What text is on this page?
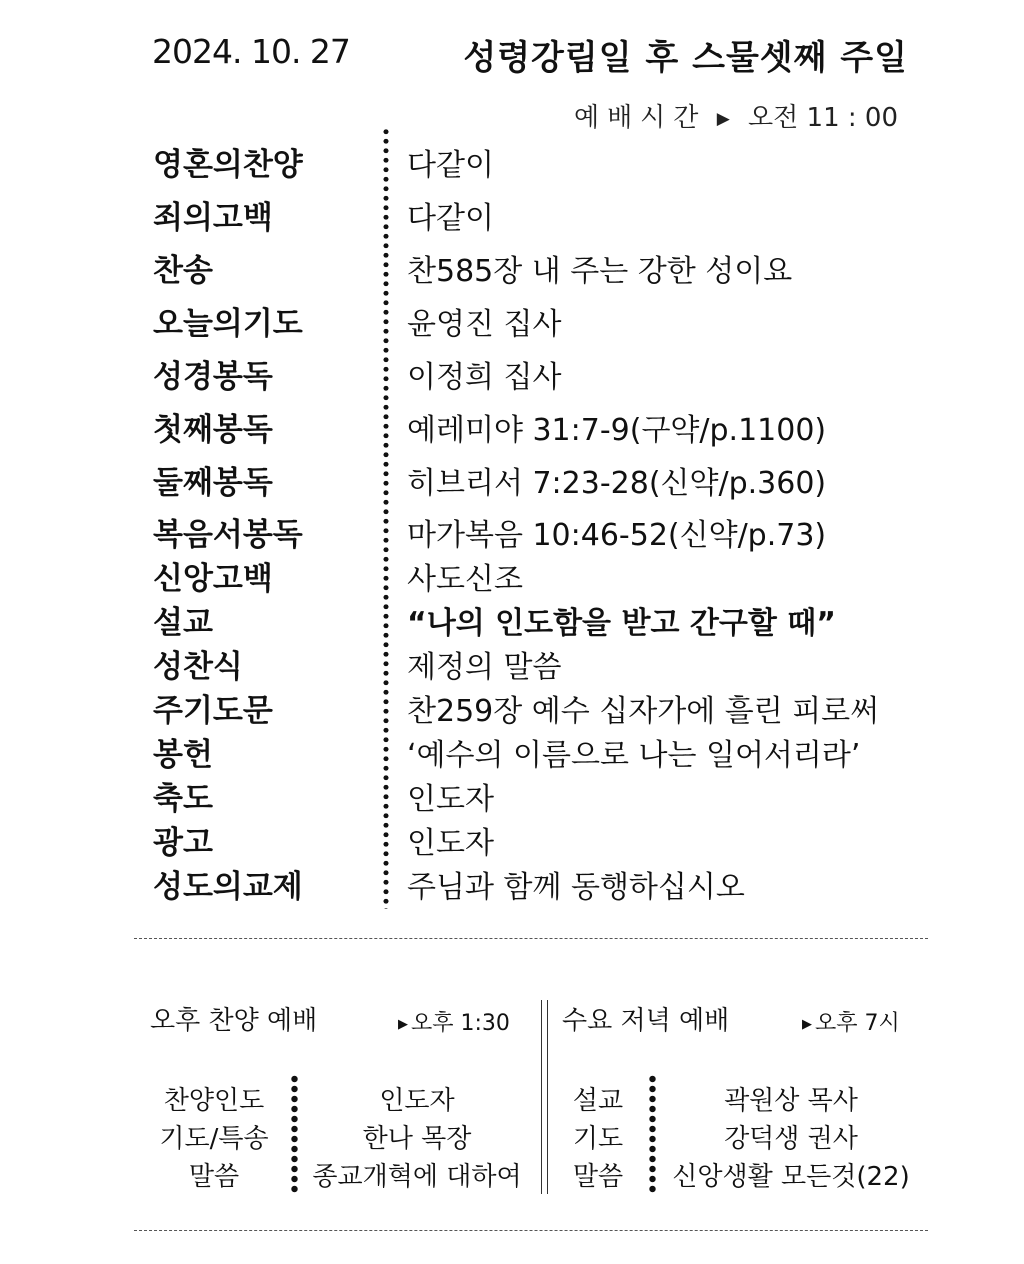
2024. 10. 27	성령강림일 후 스물셋째 주일
예배시간 ▶ 오전 11 : 00
영혼의찬양	다같이
죄의고백	다같이
찬송	찬585장 내 주는 강한 성이요
오늘의기도	윤영진 집사
성경봉독	이정희 집사
첫째봉독	예레미야 31:7-9(구약/p.1100)
둘째봉독	히브리서 7:23-28(신약/p.360)
복음서봉독	마가복음 10:46-52(신약/p.73)
신앙고백	사도신조
설교	“나의 인도함을 받고 간구할 때”
성찬식	제정의 말씀
주기도문	찬259장 예수 십자가에 흘린 피로써
봉헌	‘예수의 이름으로 나는 일어서리라’
축도	인도자
광고	인도자
성도의교제	주님과 함께 동행하십시오
오후 찬양 예배	▶ 오후 1:30
찬양인도	인도자
기도/특송	한나 목장
말씀	종교개혁에 대하여
수요 저녁 예배	▶ 오후 7시
설교	곽원상 목사
기도	강덕생 권사
말씀	신앙생활 모든것(22)
